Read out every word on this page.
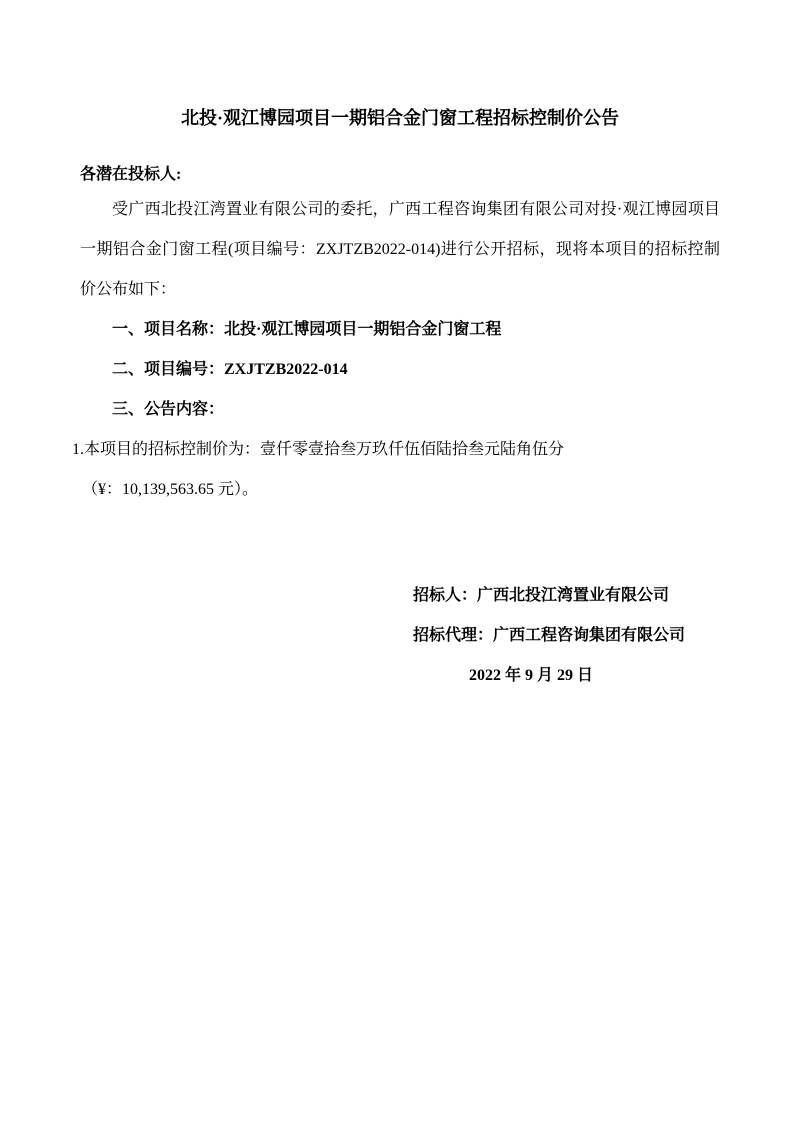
北投·观江博园项目一期铝合金门窗工程招标控制价公告

各潜在投标人:

受广西北投江湾置业有限公司的委托，广西工程咨询集团有限公司对投·观江博园项目一期铝合金门窗工程(项目编号：ZXJTZB2022-014)进行公开招标，现将本项目的招标控制价公布如下：

一、项目名称：北投·观江博园项目一期铝合金门窗工程
二、项目编号：ZXJTZB2022-014
三、公告内容：

1.本项目的招标控制价为：壹仟零壹拾叁万玖仟伍佰陆拾叁元陆角伍分

（¥：10,139,563.65 元）。

招标人：广西北投江湾置业有限公司
招标代理：广西工程咨询集团有限公司
2022 年 9 月 29 日
